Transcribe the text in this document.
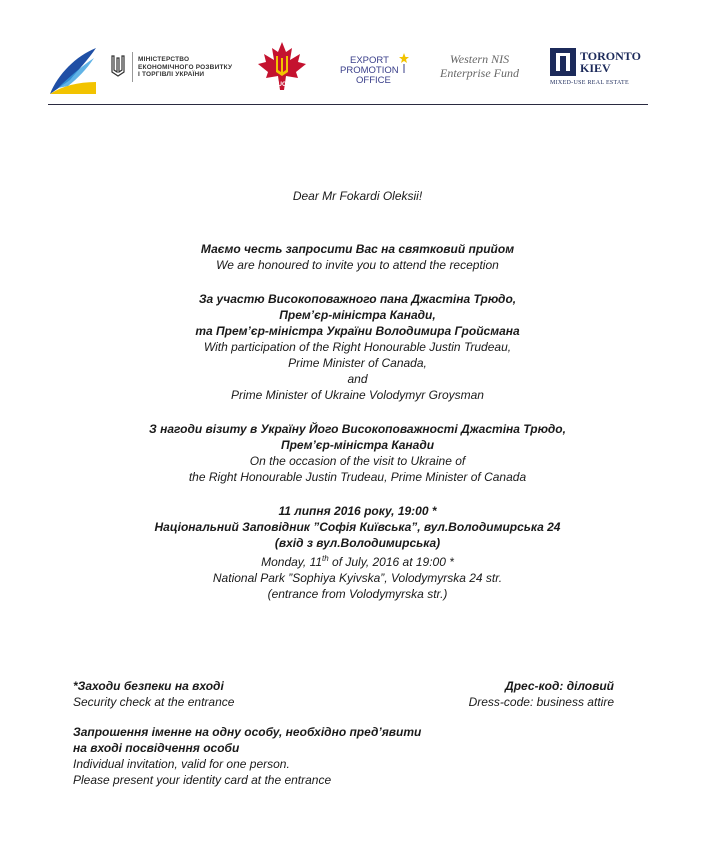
МІНІСТЕРСТВО
ЕКОНОМІЧНОГО РОЗВИТКУ
І ТОРГІВЛІ УКРАЇНИ
CUCC
EXPORT
PROMOTION
OFFICE
Western NIS
Enterprise Fund
TORONTO
KIEV
MIXED-USE REAL ESTATE
Dear Mr Fokardi Oleksii!
Маємо честь запросити Вас на святковий прийом
We are honoured to invite you to attend the reception
За участю Високоповажного пана Джастіна Трюдо,
Прем’єр-міністра Канади,
та Прем’єр-міністра України Володимира Гройсмана
With participation of the Right Honourable Justin Trudeau,
Prime Minister of Canada,
and
Prime Minister of Ukraine Volodymyr Groysman
З нагоди візиту в Україну Його Високоповажності Джастіна Трюдо,
Прем’єр-міністра Канади
On the occasion of the visit to Ukraine of
the Right Honourable Justin Trudeau, Prime Minister of Canada
11 липня 2016 року, 19:00 *
Національний Заповідник ”Софія Київська”, вул.Володимирська 24
(вхід з вул.Володимирська)
Monday, 11th of July, 2016 at 19:00 *
National Park ”Sophiya Kyivska”, Volodymyrska 24 str.
(entrance from Volodymyrska str.)
*Заходи безпеки на вході
Security check at the entrance
Запрошення іменне на одну особу, необхідно пред’явити
на вході посвідчення особи
Individual invitation, valid for one person.
Please present your identity card at the entrance
Дрес-код: діловий
Dress-code: business attire
